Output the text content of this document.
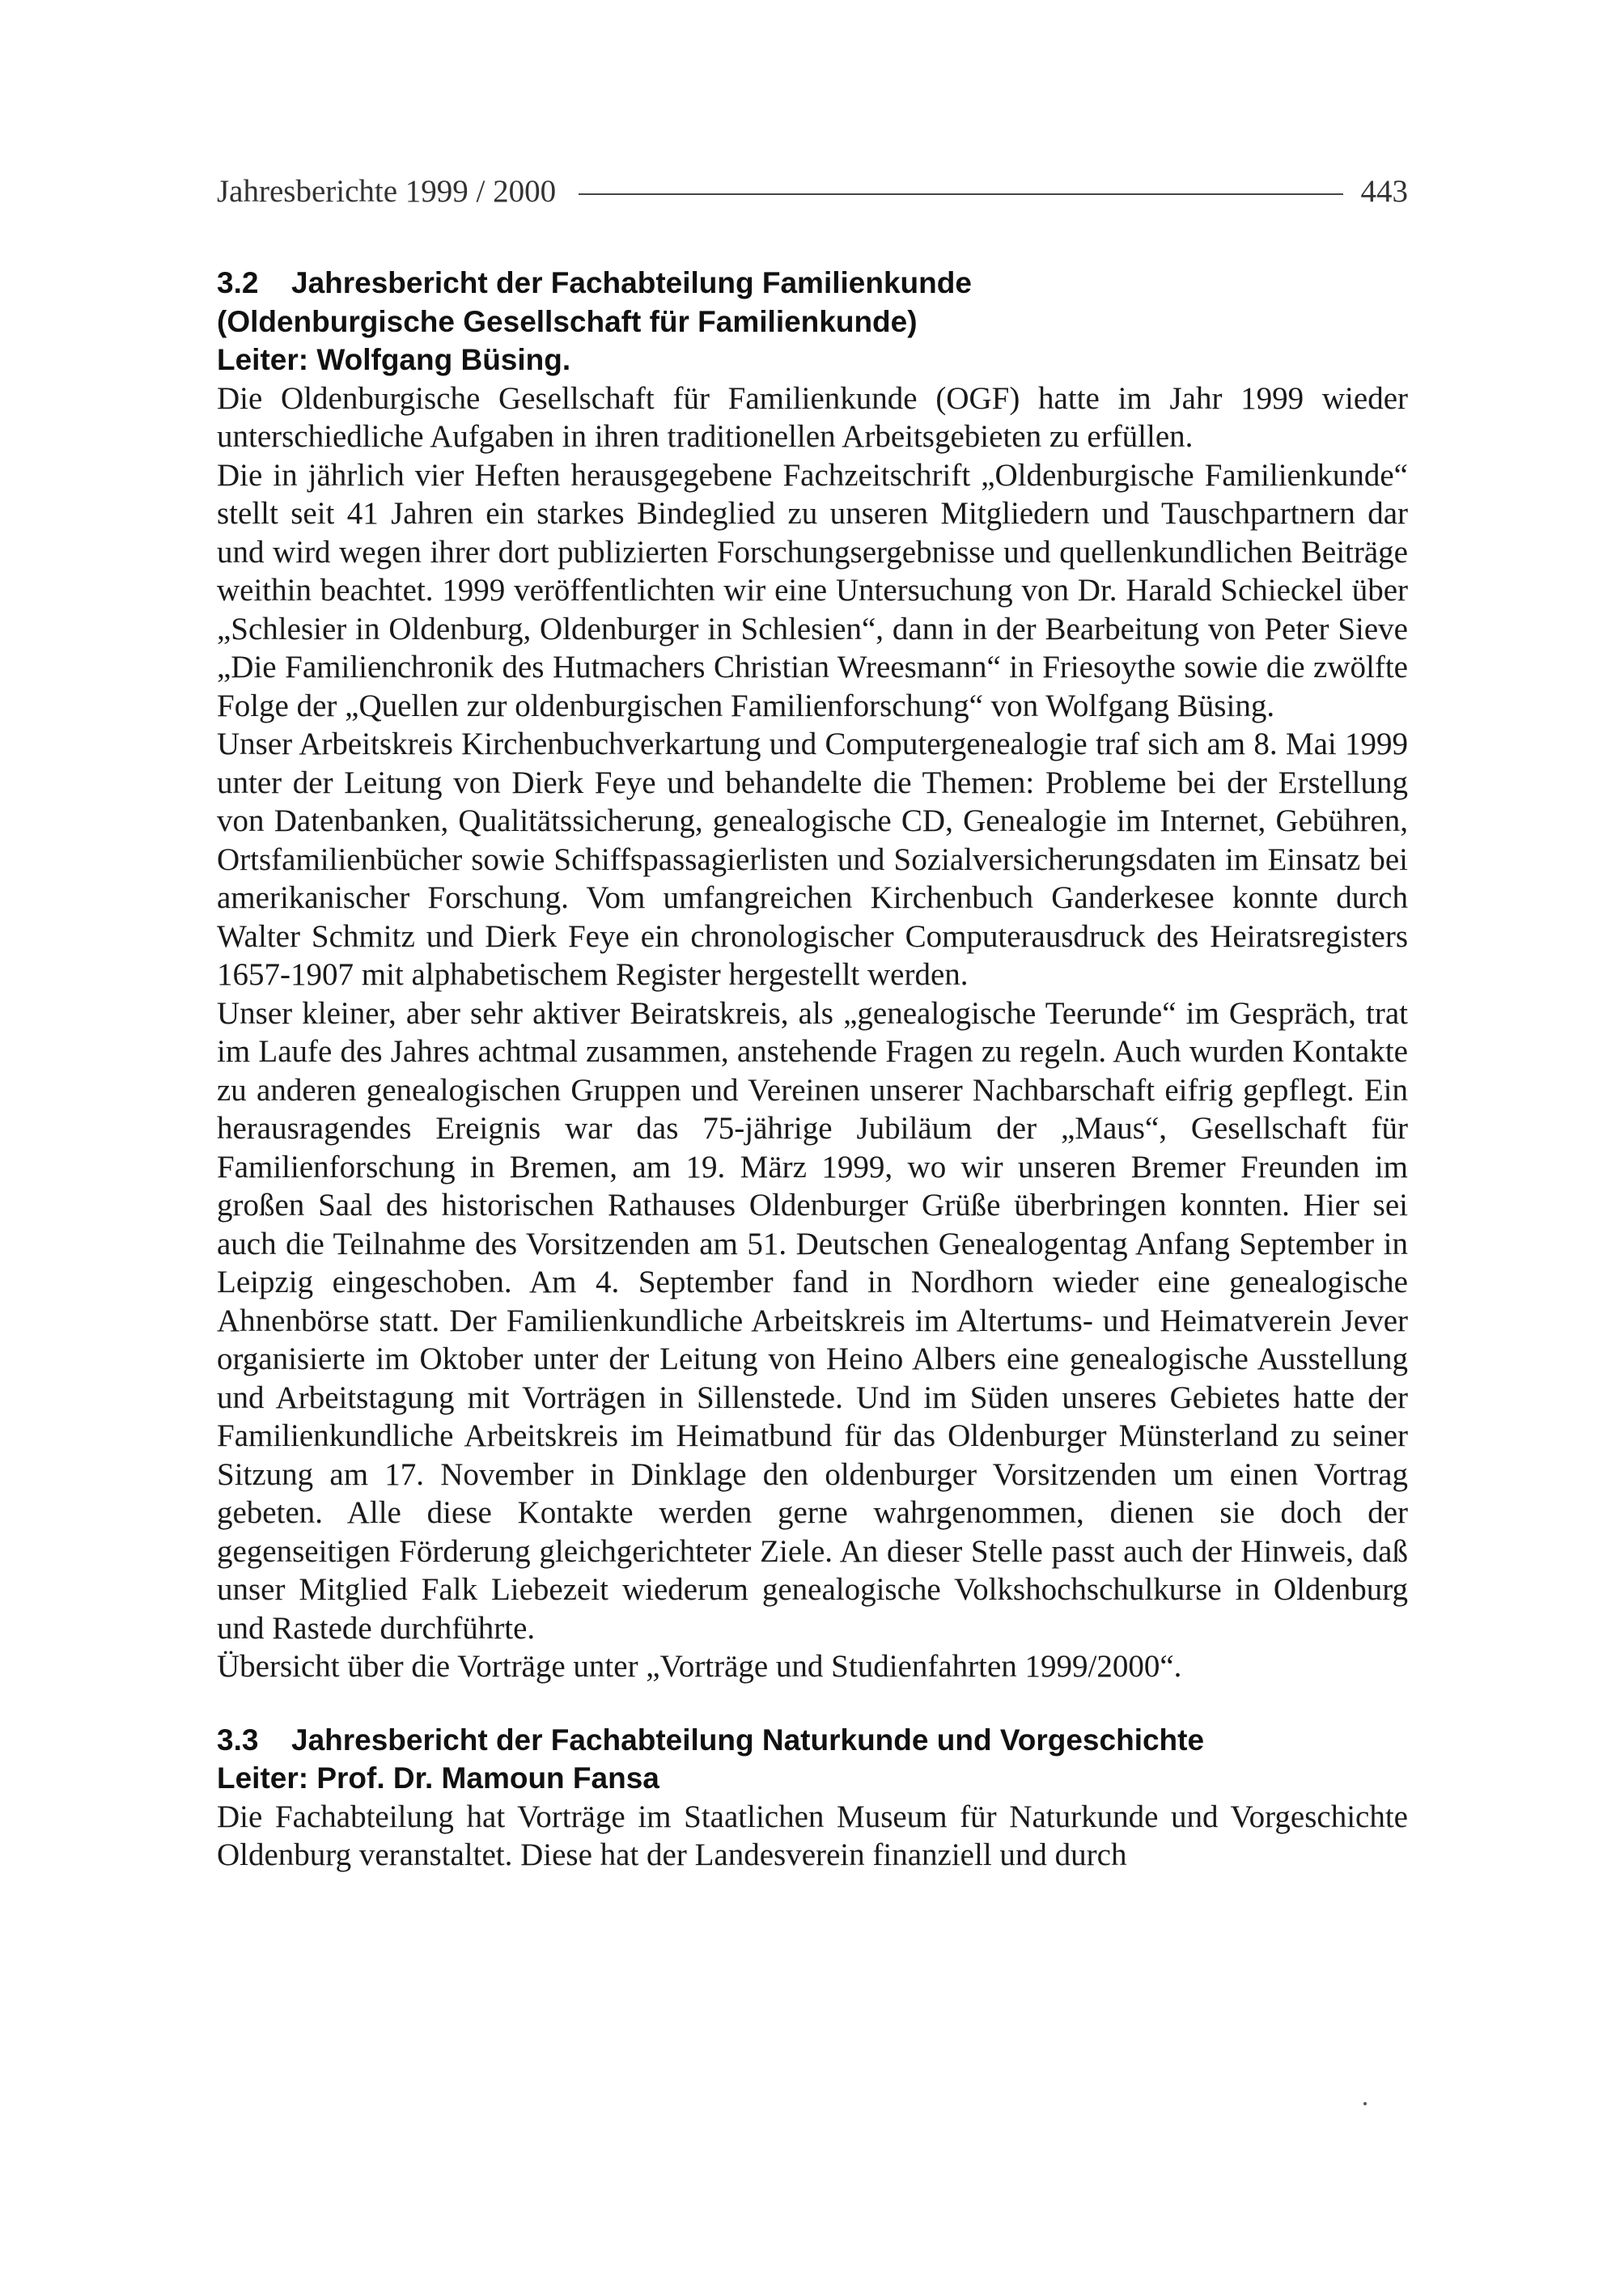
Jahresberichte 1999 / 2000	443
3.2 Jahresbericht der Fachabteilung Familienkunde
(Oldenburgische Gesellschaft für Familienkunde)
Leiter: Wolfgang Büsing.

Die Oldenburgische Gesellschaft für Familienkunde (OGF) hatte im Jahr 1999 wieder unterschiedliche Aufgaben in ihren traditionellen Arbeitsgebieten zu erfüllen.

Die in jährlich vier Heften herausgegebene Fachzeitschrift „Oldenburgische Familienkunde“ stellt seit 41 Jahren ein starkes Bindeglied zu unseren Mitgliedern und Tauschpartnern dar und wird wegen ihrer dort publizierten Forschungsergebnisse und quellenkundlichen Beiträge weithin beachtet. 1999 veröffentlichten wir eine Untersuchung von Dr. Harald Schieckel über „Schlesier in Oldenburg, Oldenburger in Schlesien“, dann in der Bearbeitung von Peter Sieve „Die Familienchronik des Hutmachers Christian Wreesmann“ in Friesoythe sowie die zwölfte Folge der „Quellen zur oldenburgischen Familienforschung“ von Wolfgang Büsing.

Unser Arbeitskreis Kirchenbuchverkartung und Computergenealogie traf sich am 8. Mai 1999 unter der Leitung von Dierk Feye und behandelte die Themen: Probleme bei der Erstellung von Datenbanken, Qualitätssicherung, genealogische CD, Genealogie im Internet, Gebühren, Ortsfamilienbücher sowie Schiffspassagierlisten und Sozialversicherungsdaten im Einsatz bei amerikanischer Forschung. Vom umfangreichen Kirchenbuch Ganderkesee konnte durch Walter Schmitz und Dierk Feye ein chronologischer Computerausdruck des Heiratsregisters 1657-1907 mit alphabetischem Register hergestellt werden.

Unser kleiner, aber sehr aktiver Beiratskreis, als „genealogische Teerunde“ im Gespräch, trat im Laufe des Jahres achtmal zusammen, anstehende Fragen zu regeln. Auch wurden Kontakte zu anderen genealogischen Gruppen und Vereinen unserer Nachbarschaft eifrig gepflegt. Ein herausragendes Ereignis war das 75-jährige Jubiläum der „Maus“, Gesellschaft für Familienforschung in Bremen, am 19. März 1999, wo wir unseren Bremer Freunden im großen Saal des historischen Rathauses Oldenburger Grüße überbringen konnten. Hier sei auch die Teilnahme des Vorsitzenden am 51. Deutschen Genealogentag Anfang September in Leipzig eingeschoben. Am 4. September fand in Nordhorn wieder eine genealogische Ahnenbörse statt. Der Familienkundliche Arbeitskreis im Altertums- und Heimatverein Jever organisierte im Oktober unter der Leitung von Heino Albers eine genealogische Ausstellung und Arbeitstagung mit Vorträgen in Sillenstede. Und im Süden unseres Gebietes hatte der Familienkundliche Arbeitskreis im Heimatbund für das Oldenburger Münsterland zu seiner Sitzung am 17. November in Dinklage den oldenburger Vorsitzenden um einen Vortrag gebeten. Alle diese Kontakte werden gerne wahrgenommen, dienen sie doch der gegenseitigen Förderung gleichgerichteter Ziele. An dieser Stelle passt auch der Hinweis, daß unser Mitglied Falk Liebezeit wiederum genealogische Volkshochschulkurse in Oldenburg und Rastede durchführte.

Übersicht über die Vorträge unter „Vorträge und Studienfahrten 1999/2000“.

3.3 Jahresbericht der Fachabteilung Naturkunde und Vorgeschichte
Leiter: Prof. Dr. Mamoun Fansa

Die Fachabteilung hat Vorträge im Staatlichen Museum für Naturkunde und Vorgeschichte Oldenburg veranstaltet. Diese hat der Landesverein finanziell und durch
